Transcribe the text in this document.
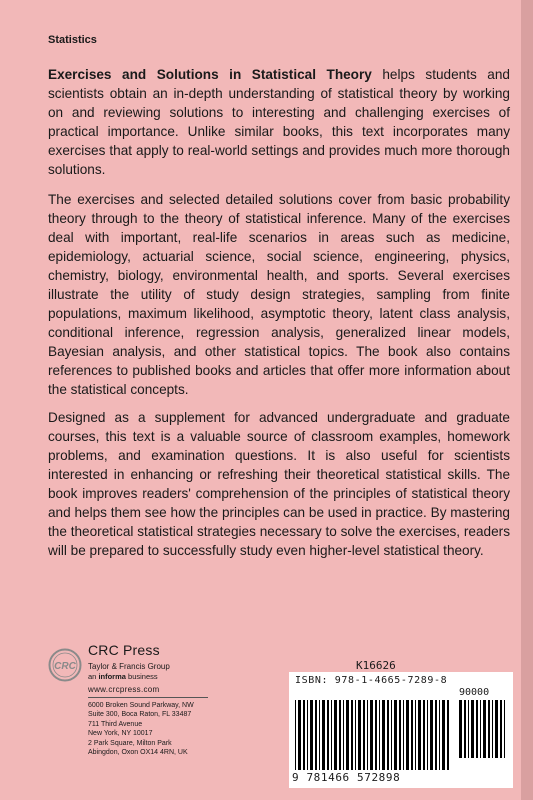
Statistics

Exercises and Solutions in Statistical Theory helps students and scientists obtain an in-depth understanding of statistical theory by working on and reviewing solutions to interesting and challenging exercises of practical importance. Unlike similar books, this text incorporates many exercises that apply to real-world settings and provides much more thorough solutions.

The exercises and selected detailed solutions cover from basic probability theory through to the theory of statistical inference. Many of the exercises deal with important, real-life scenarios in areas such as medicine, epidemiology, actuarial science, social science, engineering, physics, chemistry, biology, environmental health, and sports. Several exercises illustrate the utility of study design strategies, sampling from finite populations, maximum likelihood, asymptotic theory, latent class analysis, conditional inference, regression analysis, generalized linear models, Bayesian analysis, and other statistical topics. The book also contains references to published books and articles that offer more information about the statistical concepts.

Designed as a supplement for advanced undergraduate and graduate courses, this text is a valuable source of classroom examples, homework problems, and examination questions. It is also useful for scientists interested in enhancing or refreshing their theoretical statistical skills. The book improves readers' comprehension of the principles of statistical theory and helps them see how the principles can be used in practice. By mastering the theoretical statistical strategies necessary to solve the exercises, readers will be prepared to successfully study even higher-level statistical theory.

CRC
CRC Press
Taylor & Francis Group
an informa business
www.crcpress.com
6000 Broken Sound Parkway, NW
Suite 300, Boca Raton, FL 33487
711 Third Avenue
New York, NY 10017
2 Park Square, Milton Park
Abingdon, Oxon OX14 4RN, UK
K16626
ISBN: 978-1-4665-7289-8
90000
9 781466 572898
